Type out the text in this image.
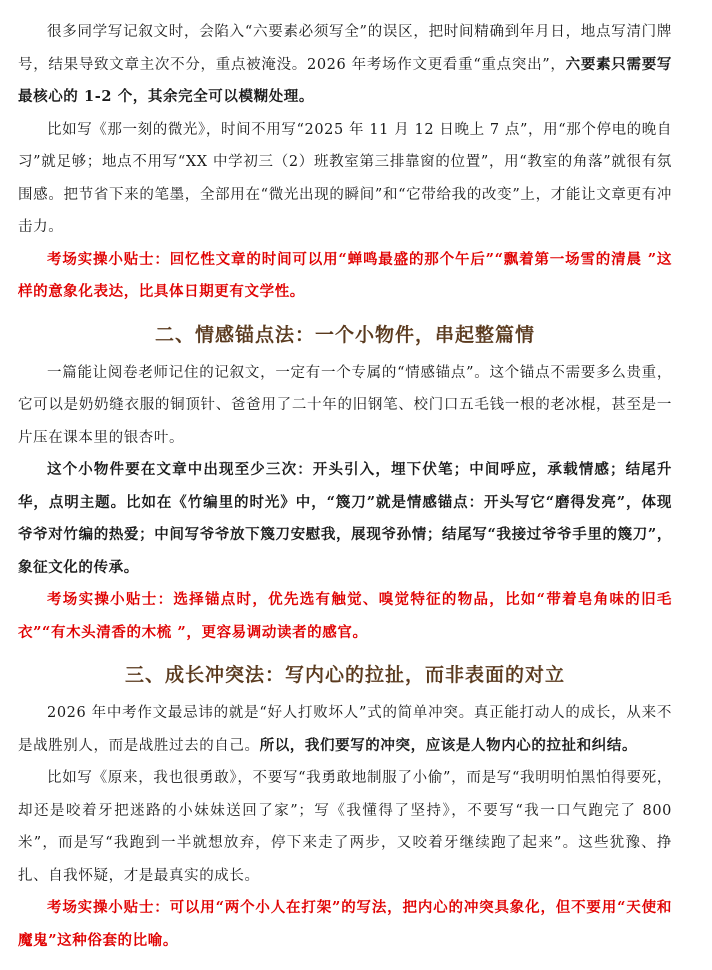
很多同学写记叙文时，会陷入“六要素必须写全”的误区，把时间精确到年月日，地点写清门牌号，结果导致文章主次不分，重点被淹没。2026 年考场作文更看重“重点突出”，六要素只需要写最核心的 1-2 个，其余完全可以模糊处理。

比如写《那一刻的微光》，时间不用写“2025 年 11 月 12 日晚上 7 点”，用“那个停电的晚自习”就足够；地点不用写“XX 中学初三（2）班教室第三排靠窗的位置”，用“教室的角落”就很有氛围感。把节省下来的笔墨，全部用在“微光出现的瞬间”和“它带给我的改变”上，才能让文章更有冲击力。

考场实操小贴士：回忆性文章的时间可以用“蝉鸣最盛的那个午后”“飘着第一场雪的清晨 ”这样的意象化表达，比具体日期更有文学性。

二、情感锚点法：一个小物件，串起整篇情

一篇能让阅卷老师记住的记叙文，一定有一个专属的“情感锚点”。这个锚点不需要多么贵重，它可以是奶奶缝衣服的铜顶针、爸爸用了二十年的旧钢笔、校门口五毛钱一根的老冰棍，甚至是一片压在课本里的银杏叶。

这个小物件要在文章中出现至少三次：开头引入，埋下伏笔；中间呼应，承载情感；结尾升华，点明主题。比如在《竹编里的时光》中，“篾刀”就是情感锚点：开头写它“磨得发亮”，体现爷爷对竹编的热爱；中间写爷爷放下篾刀安慰我，展现爷孙情；结尾写“我接过爷爷手里的篾刀”，象征文化的传承。

考场实操小贴士：选择锚点时，优先选有触觉、嗅觉特征的物品，比如“带着皂角味的旧毛衣”“有木头清香的木梳 ”，更容易调动读者的感官。

三、成长冲突法：写内心的拉扯，而非表面的对立

2026 年中考作文最忌讳的就是“好人打败坏人”式的简单冲突。真正能打动人的成长，从来不是战胜别人，而是战胜过去的自己。所以，我们要写的冲突，应该是人物内心的拉扯和纠结。

比如写《原来，我也很勇敢》，不要写“我勇敢地制服了小偷”，而是写“我明明怕黑怕得要死，却还是咬着牙把迷路的小妹妹送回了家”；写《我懂得了坚持》，不要写“我一口气跑完了 800 米”，而是写“我跑到一半就想放弃，停下来走了两步，又咬着牙继续跑了起来”。这些犹豫、挣扎、自我怀疑，才是最真实的成长。

考场实操小贴士：可以用“两个小人在打架”的写法，把内心的冲突具象化，但不要用“天使和魔鬼”这种俗套的比喻。
